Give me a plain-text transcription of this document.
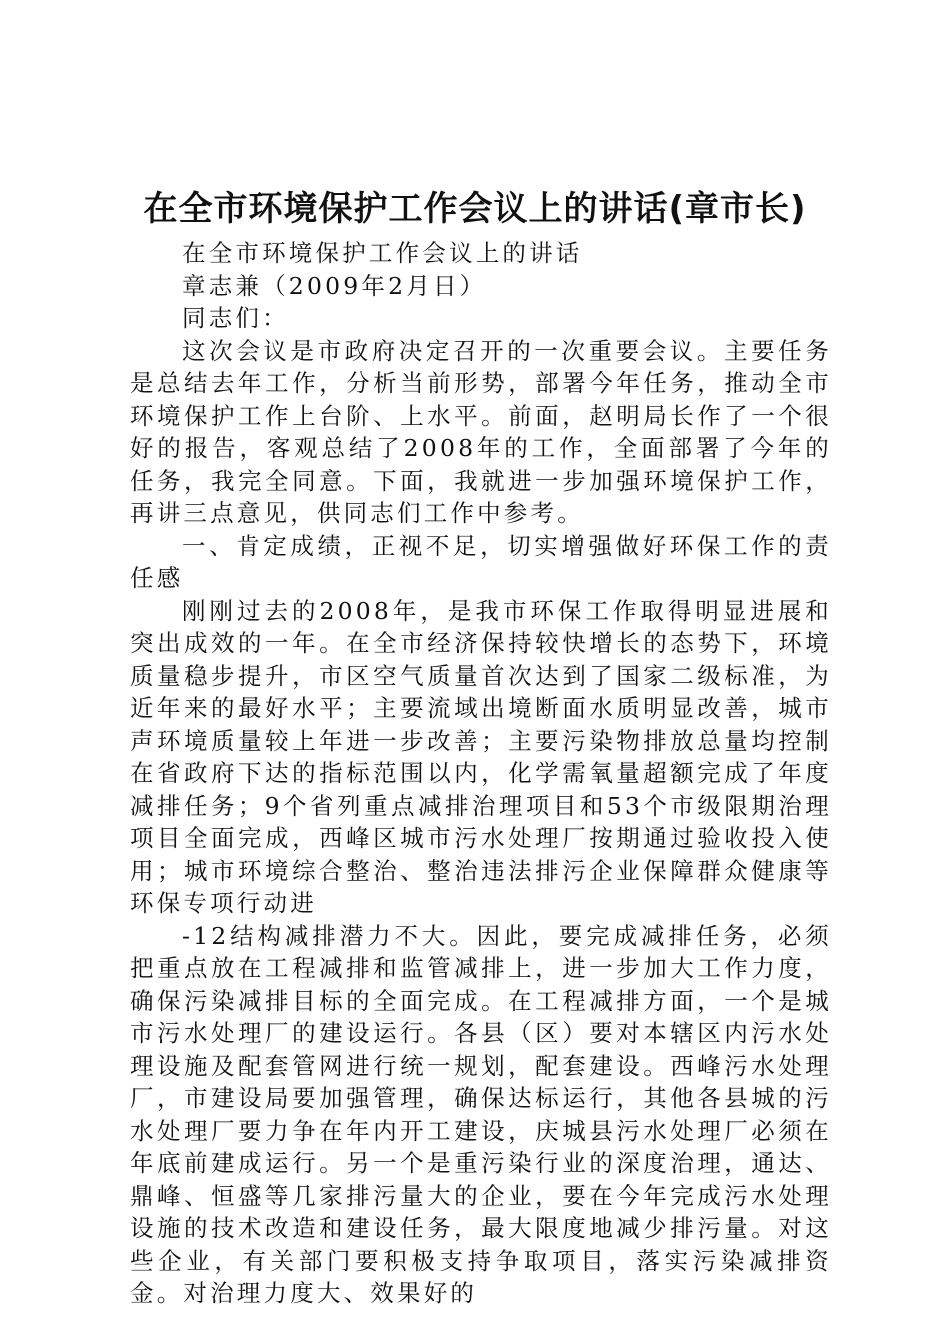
在全市环境保护工作会议上的讲话(章市长)

在全市环境保护工作会议上的讲话

章志兼（2009年2月日）

同志们：

这次会议是市政府决定召开的一次重要会议。主要任务是总结去年工作，分析当前形势，部署今年任务，推动全市环境保护工作上台阶、上水平。前面，赵明局长作了一个很好的报告，客观总结了2008年的工作，全面部署了今年的任务，我完全同意。下面，我就进一步加强环境保护工作，再讲三点意见，供同志们工作中参考。

一、肯定成绩，正视不足，切实增强做好环保工作的责任感

刚刚过去的2008年，是我市环保工作取得明显进展和突出成效的一年。在全市经济保持较快增长的态势下，环境质量稳步提升，市区空气质量首次达到了国家二级标准，为近年来的最好水平；主要流域出境断面水质明显改善，城市声环境质量较上年进一步改善；主要污染物排放总量均控制在省政府下达的指标范围以内，化学需氧量超额完成了年度减排任务；9个省列重点减排治理项目和53个市级限期治理项目全面完成，西峰区城市污水处理厂按期通过验收投入使用；城市环境综合整治、整治违法排污企业保障群众健康等环保专项行动进

-12结构减排潜力不大。因此，要完成减排任务，必须把重点放在工程减排和监管减排上，进一步加大工作力度，确保污染减排目标的全面完成。在工程减排方面，一个是城市污水处理厂的建设运行。各县（区）要对本辖区内污水处理设施及配套管网进行统一规划，配套建设。西峰污水处理厂，市建设局要加强管理，确保达标运行，其他各县城的污水处理厂要力争在年内开工建设，庆城县污水处理厂必须在年底前建成运行。另一个是重污染行业的深度治理，通达、鼎峰、恒盛等几家排污量大的企业，要在今年完成污水处理设施的技术改造和建设任务，最大限度地减少排污量。对这些企业，有关部门要积极支持争取项目，落实污染减排资金。对治理力度大、效果好的
